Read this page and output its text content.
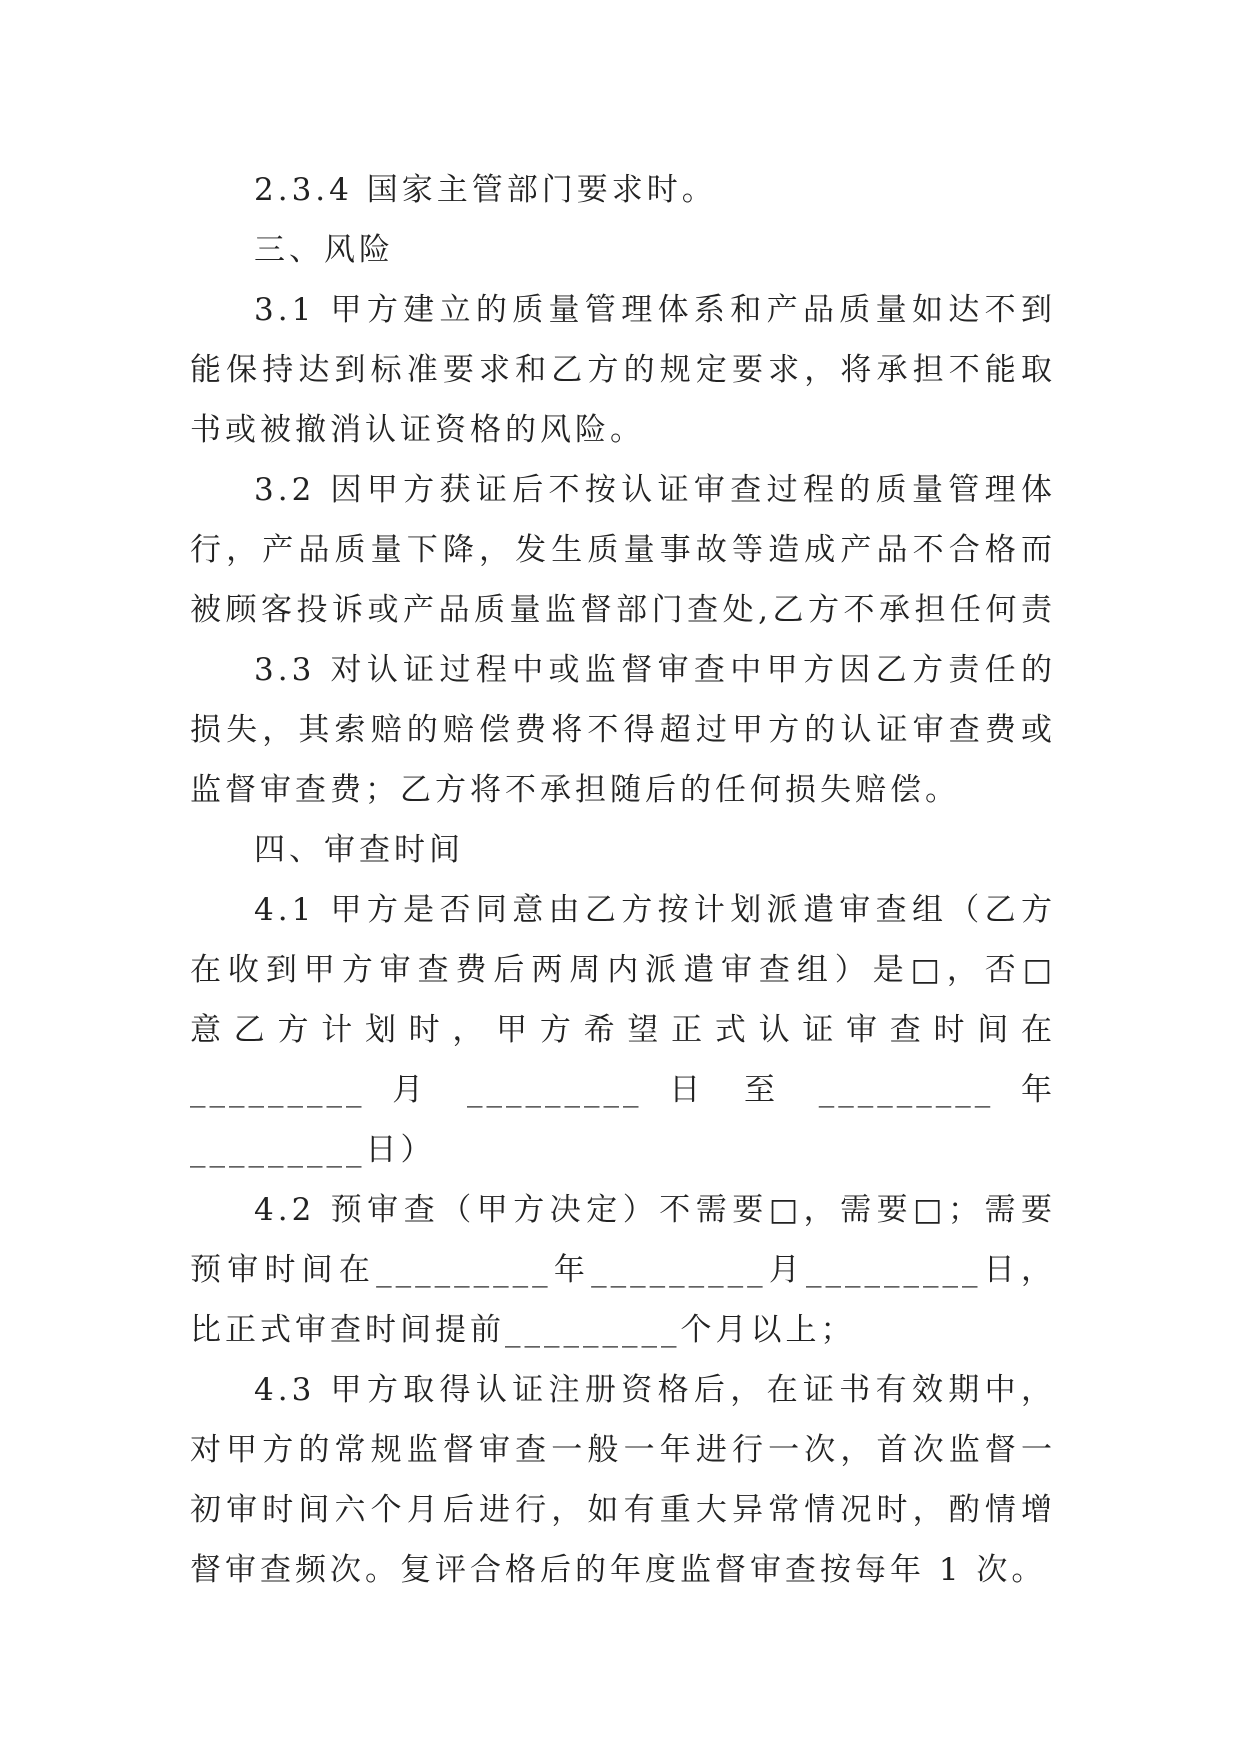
2.3.4 国家主管部门要求时。
三、风险
3.1 甲方建立的质量管理体系和产品质量如达不到
能保持达到标准要求和乙方的规定要求，将承担不能取
书或被撤消认证资格的风险。
3.2 因甲方获证后不按认证审查过程的质量管理体
行，产品质量下降，发生质量事故等造成产品不合格而
被顾客投诉或产品质量监督部门查处,乙方不承担任何责
3.3 对认证过程中或监督审查中甲方因乙方责任的
损失，其索赔的赔偿费将不得超过甲方的认证审查费或
监督审查费；乙方将不承担随后的任何损失赔偿。
四、审查时间
4.1 甲方是否同意由乙方按计划派遣审查组（乙方
在收到甲方审查费后两周内派遣审查组）是□，否□
意乙方计划时，甲方希望正式认证审查时间在
_________ 月 _________ 日 至 _________ 年
_________日）
4.2 预审查（甲方决定）不需要□，需要□；需要
预审时间在_________年_________月_________日，
比正式审查时间提前_________个月以上；
4.3 甲方取得认证注册资格后，在证书有效期中，
对甲方的常规监督审查一般一年进行一次，首次监督一
初审时间六个月后进行，如有重大异常情况时，酌情增
督审查频次。复评合格后的年度监督审查按每年 1 次。
